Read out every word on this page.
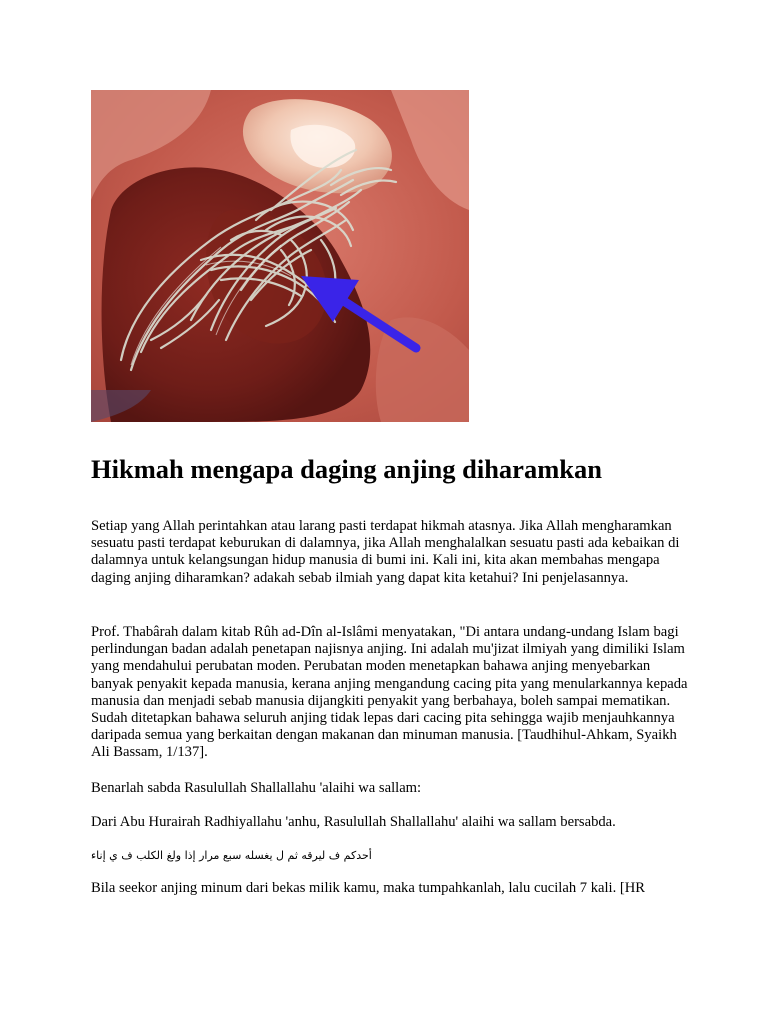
Hikmah mengapa daging anjing diharamkan

Setiap yang Allah perintahkan atau larang pasti terdapat hikmah atasnya. Jika Allah mengharamkan sesuatu pasti terdapat keburukan di dalamnya, jika Allah menghalalkan sesuatu pasti ada kebaikan di dalamnya untuk kelangsungan hidup manusia di bumi ini. Kali ini, kita akan membahas mengapa daging anjing diharamkan? adakah sebab ilmiah yang dapat kita ketahui? Ini penjelasannya.

Prof. Thabârah dalam kitab Rûh ad-Dîn al-Islâmi menyatakan, "Di antara undang-undang Islam bagi perlindungan badan adalah penetapan najisnya anjing. Ini adalah mu'jizat ilmiyah yang dimiliki Islam yang mendahului perubatan moden. Perubatan moden menetapkan bahawa anjing menyebarkan banyak penyakit kepada manusia, kerana anjing mengandung cacing pita yang menularkannya kepada manusia dan menjadi sebab manusia dijangkiti penyakit yang berbahaya, boleh sampai mematikan. Sudah ditetapkan bahawa seluruh anjing tidak lepas dari cacing pita sehingga wajib menjauhkannya daripada semua yang berkaitan dengan makanan dan minuman manusia. [Taudhihul-Ahkam, Syaikh Ali Bassam, 1/137].

Benarlah sabda Rasulullah Shallallahu 'alaihi wa sallam:

Dari Abu Hurairah Radhiyallahu 'anhu, Rasulullah Shallallahu' alaihi wa sallam bersabda.

أحدكم ف ليرقه ثم ل يغسله سبع مرار إذا ولغ الكلب ف ي إناء

Bila seekor anjing minum dari bekas milik kamu, maka tumpahkanlah, lalu cucilah 7 kali. [HR
